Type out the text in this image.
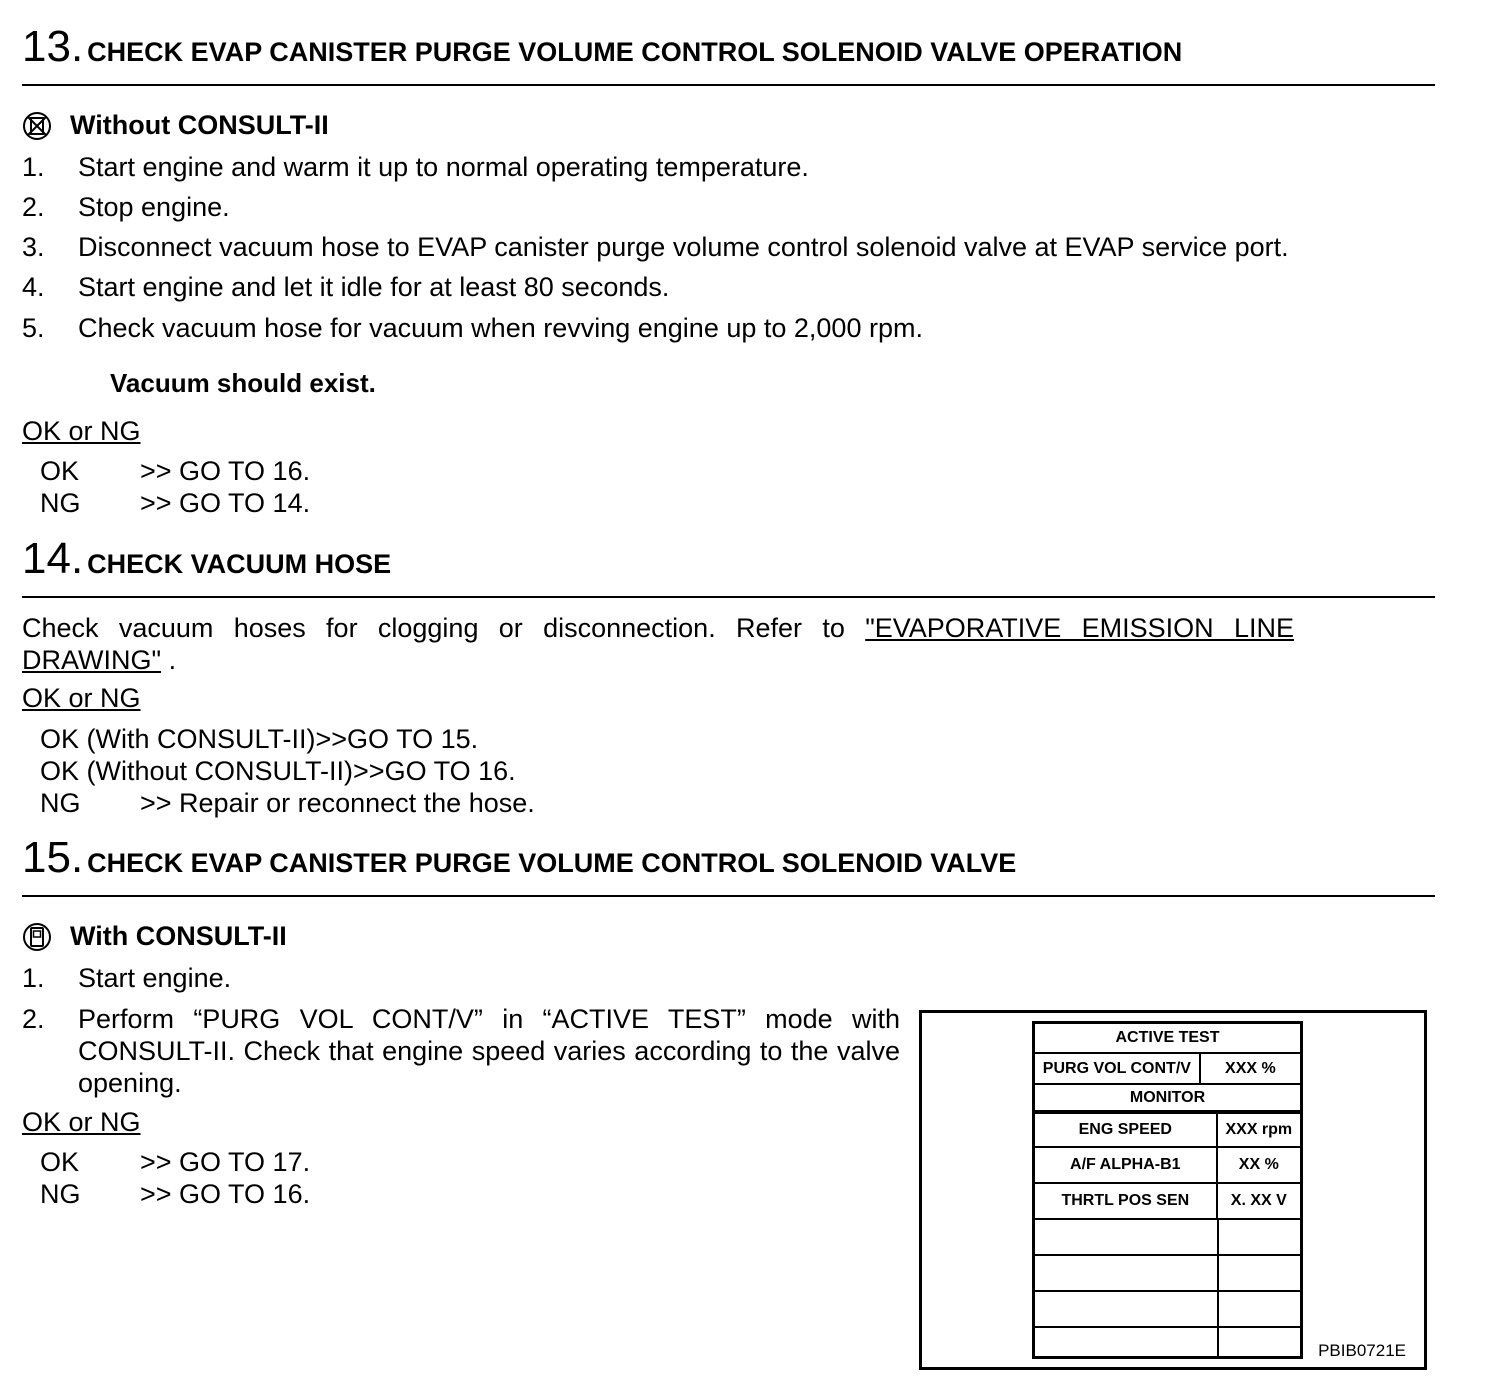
13. CHECK EVAP CANISTER PURGE VOLUME CONTROL SOLENOID VALVE OPERATION
Without CONSULT-II
1. Start engine and warm it up to normal operating temperature.
2. Stop engine.
3. Disconnect vacuum hose to EVAP canister purge volume control solenoid valve at EVAP service port.
4. Start engine and let it idle for at least 80 seconds.
5. Check vacuum hose for vacuum when revving engine up to 2,000 rpm.
Vacuum should exist.
OK or NG
OK >> GO TO 16.
NG >> GO TO 14.
14. CHECK VACUUM HOSE
Check vacuum hoses for clogging or disconnection. Refer to "EVAPORATIVE EMISSION LINE DRAWING" .
OK or NG
OK (With CONSULT-II)>>GO TO 15.
OK (Without CONSULT-II)>>GO TO 16.
NG >> Repair or reconnect the hose.
15. CHECK EVAP CANISTER PURGE VOLUME CONTROL SOLENOID VALVE
With CONSULT-II
1. Start engine.
2. Perform “PURG VOL CONT/V” in “ACTIVE TEST” mode with CONSULT-II. Check that engine speed varies according to the valve opening.
OK or NG
OK >> GO TO 17.
NG >> GO TO 16.
ACTIVE TEST
PURG VOL CONT/V	XXX %
MONITOR
ENG SPEED	XXX rpm
A/F ALPHA-B1	XX %
THRTL POS SEN	X. XX V
PBIB0721E
